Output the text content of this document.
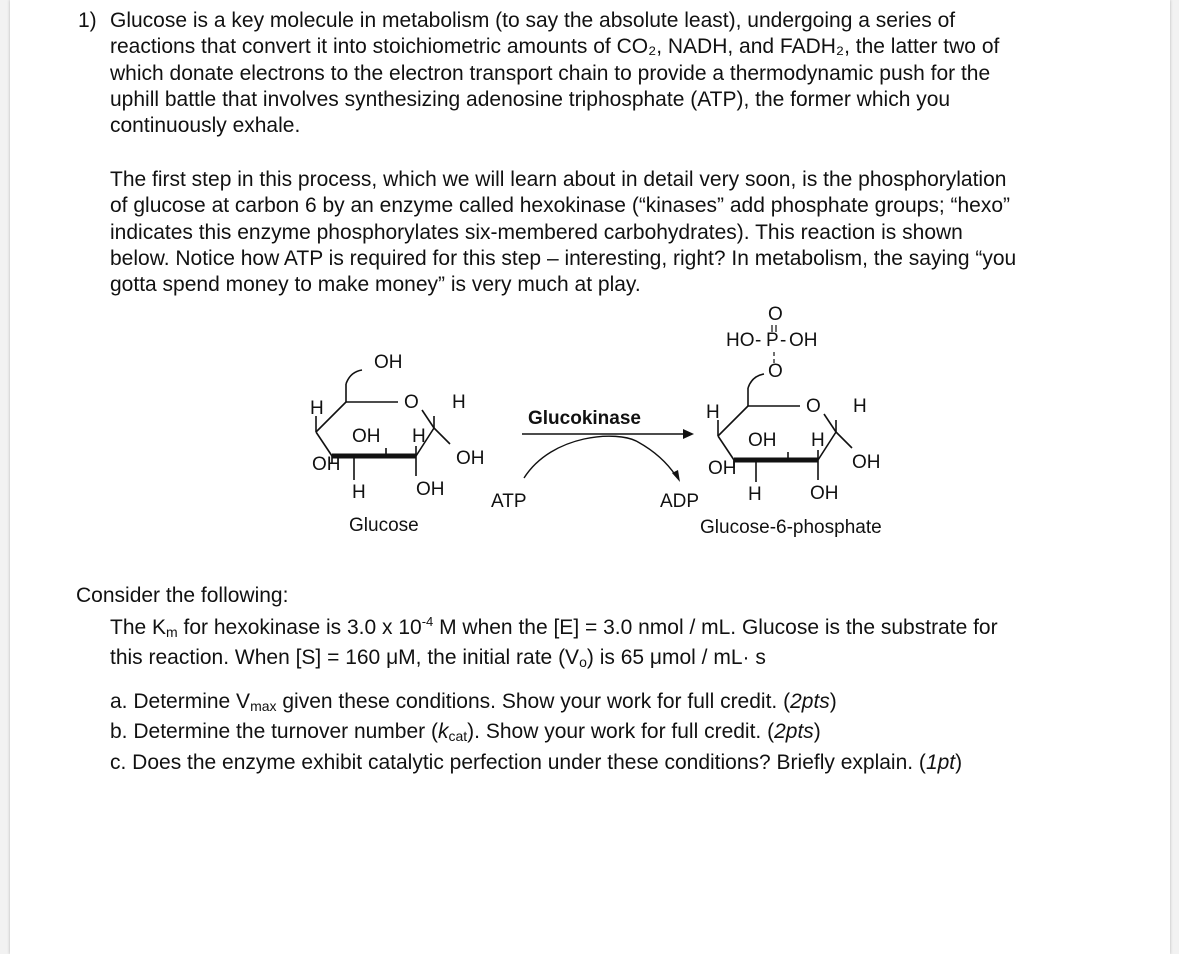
1) Glucose is a key molecule in metabolism (to say the absolute least), undergoing a series of
reactions that convert it into stoichiometric amounts of CO₂, NADH, and FADH₂, the latter two of
which donate electrons to the electron transport chain to provide a thermodynamic push for the
uphill battle that involves synthesizing adenosine triphosphate (ATP), the former which you
continuously exhale.
The first step in this process, which we will learn about in detail very soon, is the phosphorylation
of glucose at carbon 6 by an enzyme called hexokinase (“kinases” add phosphate groups; “hexo”
indicates this enzyme phosphorylates six-membered carbohydrates). This reaction is shown
below. Notice how ATP is required for this step – interesting, right? In metabolism, the saying “you
gotta spend money to make money” is very much at play.
OH
O H
H
OH H
OH	OH
H	OH
Glucose
Glucokinase
ATP	ADP
O
HO - P - OH
O
O H
H
OH H
OH	OH
H	OH
Glucose-6-phosphate
Consider the following:
The $K_m$ for hexokinase is 3.0 x $10^{-4}$ M when the [E] = 3.0 nmol / mL. Glucose is the substrate for
this reaction. When [S] = 160 μM, the initial rate $(V_o)$ is 65 μmol / mL· s
a. Determine $V_{max}$ given these conditions. Show your work for full credit. (2pts)
b. Determine the turnover number $(k_{cat})$. Show your work for full credit. (2pts)
c. Does the enzyme exhibit catalytic perfection under these conditions? Briefly explain. (1pt)
